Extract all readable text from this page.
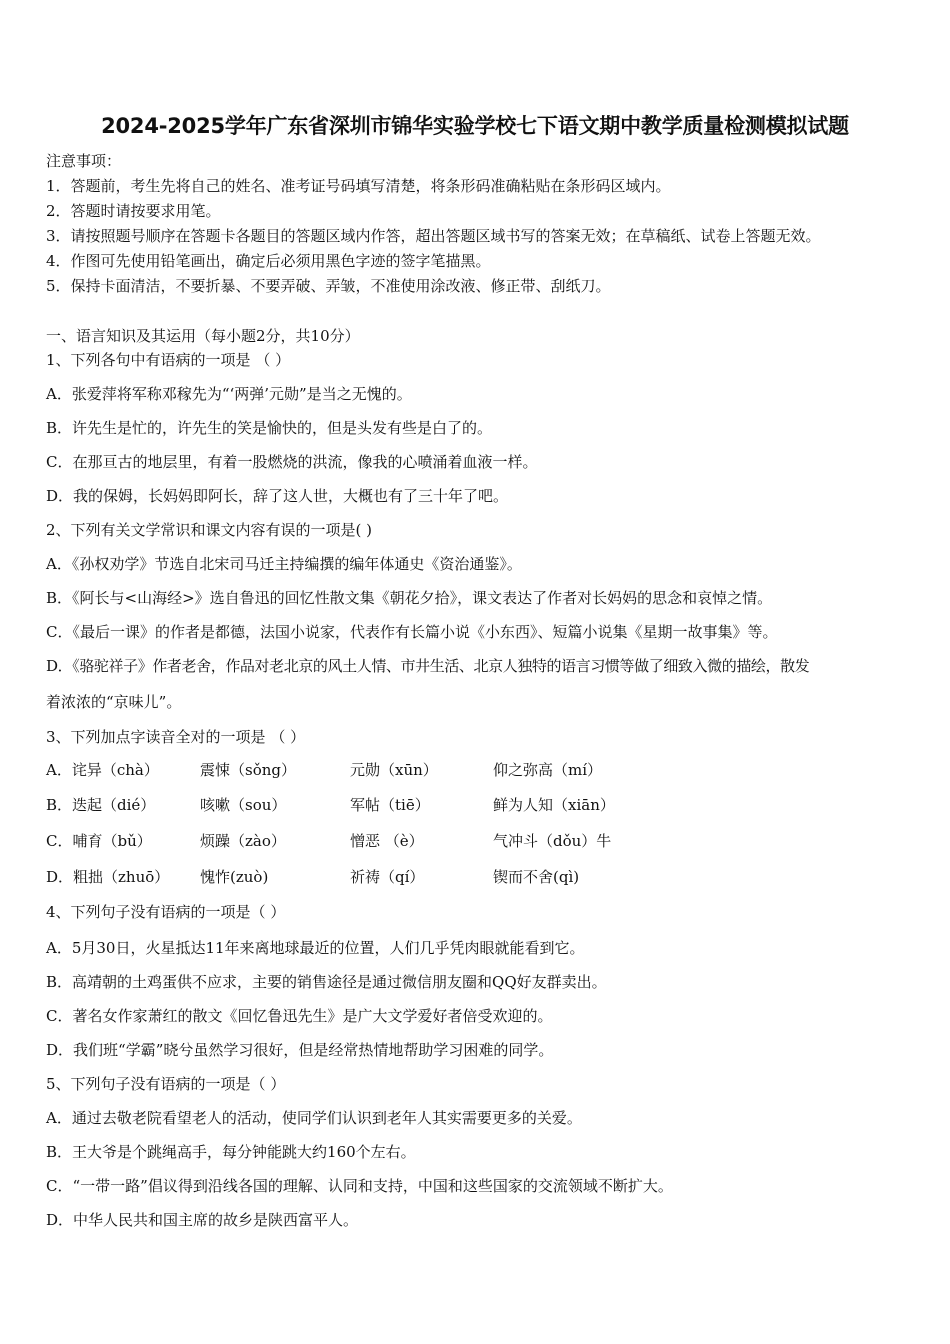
2024-2025学年广东省深圳市锦华实验学校七下语文期中教学质量检测模拟试题
注意事项：
1．答题前，考生先将自己的姓名、准考证号码填写清楚，将条形码准确粘贴在条形码区域内。
2．答题时请按要求用笔。
3．请按照题号顺序在答题卡各题目的答题区域内作答，超出答题区域书写的答案无效；在草稿纸、试卷上答题无效。
4．作图可先使用铅笔画出，确定后必须用黑色字迹的签字笔描黑。
5．保持卡面清洁，不要折暴、不要弄破、弄皱，不准使用涂改液、修正带、刮纸刀。
一、语言知识及其运用（每小题2分，共10分）
1、下列各句中有语病的一项是 （ ）
A．张爱萍将军称邓稼先为“‘两弹’元勋”是当之无愧的。
B．许先生是忙的，许先生的笑是愉快的，但是头发有些是白了的。
C．在那亘古的地层里，有着一股燃烧的洪流，像我的心喷涌着血液一样。
D．我的保姆，长妈妈即阿长，辞了这人世，大概也有了三十年了吧。
2、下列有关文学常识和课文内容有误的一项是( )
A．《孙权劝学》节选自北宋司马迁主持编撰的编年体通史《资治通鉴》。
B．《阿长与<山海经>》选自鲁迅的回忆性散文集《朝花夕拾》，课文表达了作者对长妈妈的思念和哀悼之情。
C．《最后一课》的作者是都德，法国小说家，代表作有长篇小说《小东西》、短篇小说集《星期一故事集》等。
D．《骆驼祥子》作者老舍，作品对老北京的风土人情、市井生活、北京人独特的语言习惯等做了细致入微的描绘，散发
着浓浓的“京味儿”。
3、下列加点字读音全对的一项是 （ ）
A．诧异（chà）	震悚（sǒng）	元勋（xūn）	仰之弥高（mí）
B．迭起（dié）	咳嗽（sou）	军帖（tiē）	鲜为人知（xiān）
C．哺育（bǔ）	烦躁（zào）	憎恶 （è）	气冲斗（dǒu）牛
D．粗拙（zhuō） 愧怍(zuò)	祈祷（qí）	锲而不舍(qì)
4、下列句子没有语病的一项是（ ）
A．5月30日，火星抵达11年来离地球最近的位置，人们几乎凭肉眼就能看到它。
B．高靖朝的土鸡蛋供不应求，主要的销售途径是通过微信朋友圈和QQ好友群卖出。
C．著名女作家萧红的散文《回忆鲁迅先生》是广大文学爱好者倍受欢迎的。
D．我们班“学霸”晓兮虽然学习很好，但是经常热情地帮助学习困难的同学。
5、下列句子没有语病的一项是（ ）
A．通过去敬老院看望老人的活动，使同学们认识到老年人其实需要更多的关爱。
B．王大爷是个跳绳高手，每分钟能跳大约160个左右。
C．“一带一路”倡议得到沿线各国的理解、认同和支持，中国和这些国家的交流领域不断扩大。
D．中华人民共和国主席的故乡是陕西富平人。
